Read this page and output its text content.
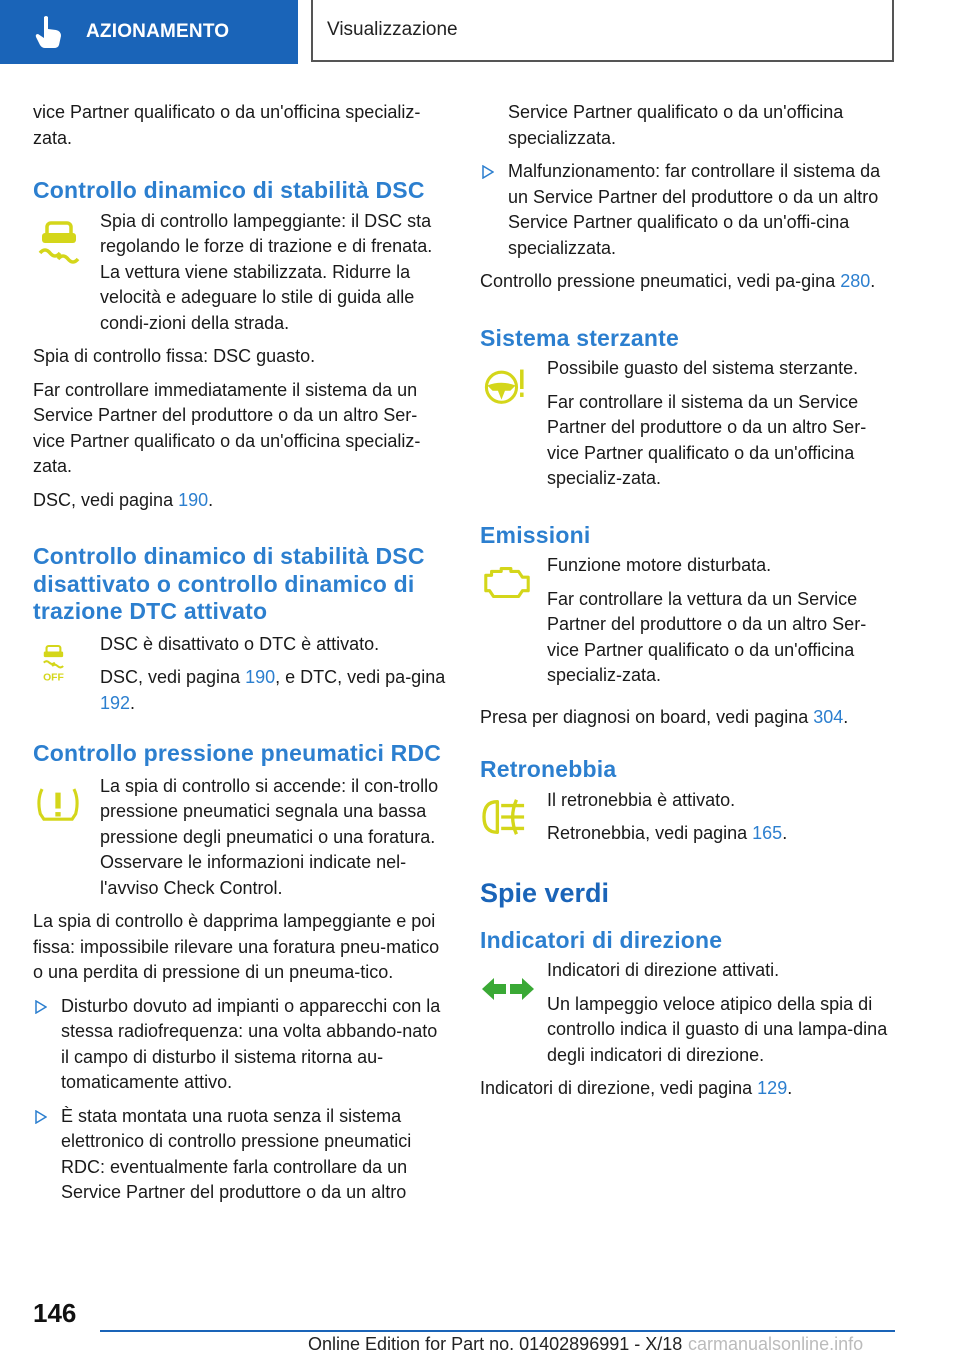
AZIONAMENTO	Visualizzazione

vice Partner qualificato o da un'officina specializ-zata.

Controllo dinamico di stabilità DSC

Spia di controllo lampeggiante: il DSC sta regolando le forze di trazione e di frenata. La vettura viene stabilizzata. Ridurre la velocità e adeguare lo stile di guida alle condi-zioni della strada.

Spia di controllo fissa: DSC guasto.

Far controllare immediatamente il sistema da un Service Partner del produttore o da un altro Ser-vice Partner qualificato o da un'officina specializ-zata.

DSC, vedi pagina 190.

Controllo dinamico di stabilità DSC disattivato o controllo dinamico di trazione DTC attivato
OFF

DSC è disattivato o DTC è attivato.

DSC, vedi pagina 190, e DTC, vedi pa-gina 192.

Controllo pressione pneumatici RDC

La spia di controllo si accende: il con-trollo pressione pneumatici segnala una bassa pressione degli pneumatici o una foratura. Osservare le informazioni indicate nel-l'avviso Check Control.

La spia di controllo è dapprima lampeggiante e poi fissa: impossibile rilevare una foratura pneu-matico o una perdita di pressione di un pneuma-tico.

Disturbo dovuto ad impianti o apparecchi con la stessa radiofrequenza: una volta abbando-nato il campo di disturbo il sistema ritorna au-tomaticamente attivo.

È stata montata una ruota senza il sistema elettronico di controllo pressione pneumatici RDC: eventualmente farla controllare da un Service Partner del produttore o da un altro

Service Partner qualificato o da un'officina specializzata.

Malfunzionamento: far controllare il sistema da un Service Partner del produttore o da un altro Service Partner qualificato o da un'offi-cina specializzata.

Controllo pressione pneumatici, vedi pa-gina 280.

Sistema sterzante

Possibile guasto del sistema sterzante.

Far controllare il sistema da un Service Partner del produttore o da un altro Ser-vice Partner qualificato o da un'officina specializ-zata.

Emissioni

Funzione motore disturbata.

Far controllare la vettura da un Service Partner del produttore o da un altro Ser-vice Partner qualificato o da un'officina specializ-zata.

Presa per diagnosi on board, vedi pagina 304.

Retronebbia

Il retronebbia è attivato.

Retronebbia, vedi pagina 165.

Spie verdi
Indicatori di direzione

Indicatori di direzione attivati.

Un lampeggio veloce atipico della spia di controllo indica il guasto di una lampa-dina degli indicatori di direzione.

Indicatori di direzione, vedi pagina 129.

146
Online Edition for Part no. 01402896991 - X/18 carmanualsonline.info
